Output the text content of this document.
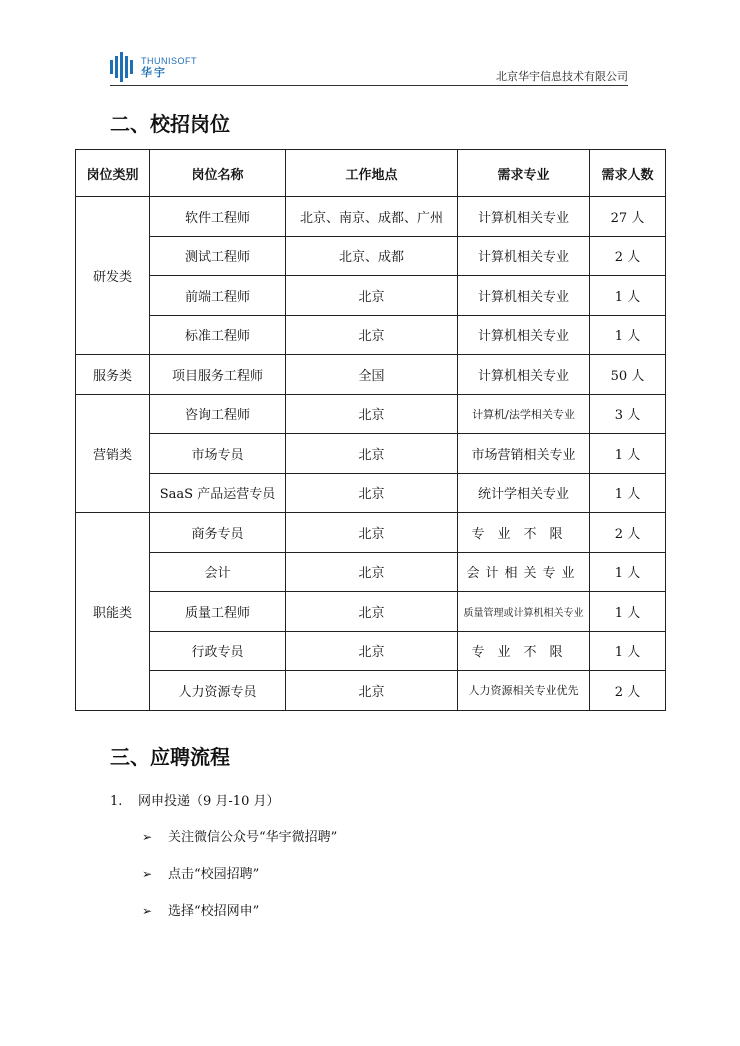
THUNISOFT
华宇	北京华宇信息技术有限公司
二、校招岗位
岗位类别	岗位名称	工作地点	需求专业	需求人数
研发类	软件工程师	北京、南京、成都、广州	计算机相关专业	27 人
	测试工程师	北京、成都	计算机相关专业	2 人
	前端工程师	北京	计算机相关专业	1 人
	标准工程师	北京	计算机相关专业	1 人
服务类	项目服务工程师	全国	计算机相关专业	50 人
营销类	咨询工程师	北京	计算机/法学相关专业	3 人
	市场专员	北京	市场营销相关专业	1 人
	SaaS 产品运营专员	北京	统计学相关专业	1 人
职能类	商务专员	北京	专业不限	2 人
	会计	北京	会计相关专业	1 人
	质量工程师	北京	质量管理或计算机相关专业	1 人
	行政专员	北京	专业不限	1 人
	人力资源专员	北京	人力资源相关专业优先	2 人
三、应聘流程
1. 网申投递（9 月-10 月）
➢ 关注微信公众号“华宇微招聘”
➢ 点击“校园招聘”
➢ 选择“校招网申”
